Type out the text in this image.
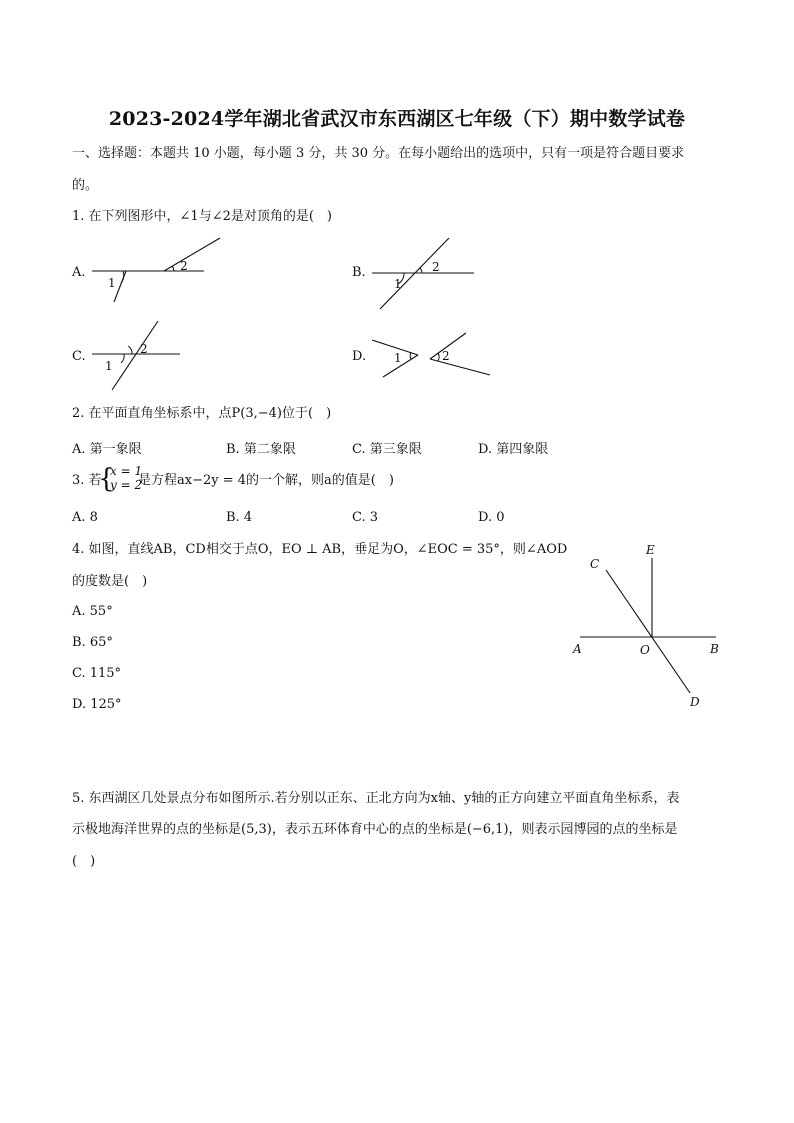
2023-2024学年湖北省武汉市东西湖区七年级（下）期中数学试卷
一、选择题：本题共 10 小题，每小题 3 分，共 30 分。在每小题给出的选项中，只有一项是符合题目要求
的。
1. 在下列图形中，∠1与∠2是对顶角的是(　)
A.
1
2	B.
1
2
C.
1
2	D. 1	2
2. 在平面直角坐标系中，点P(3,−4)位于(　)
A. 第一象限	B. 第二象限	C. 第三象限	D. 第四象限
3. 若
{
x = 1
y = 2
是方程ax−2y = 4的一个解，则a的值是(　)
A. 8	B. 4	C. 3	D. 0
4. 如图，直线AB，CD相交于点O，EO ⊥ AB，垂足为O，∠EOC = 35°，则∠AOD
的度数是(　)
A. 55°
B. 65°
C. 115°
D. 125°
C
E
A	O	B
D
5. 东西湖区几处景点分布如图所示.若分别以正东、正北方向为x轴、y轴的正方向建立平面直角坐标系，表
示极地海洋世界的点的坐标是(5,3)，表示五环体育中心的点的坐标是(−6,1)，则表示园博园的点的坐标是
(　)
